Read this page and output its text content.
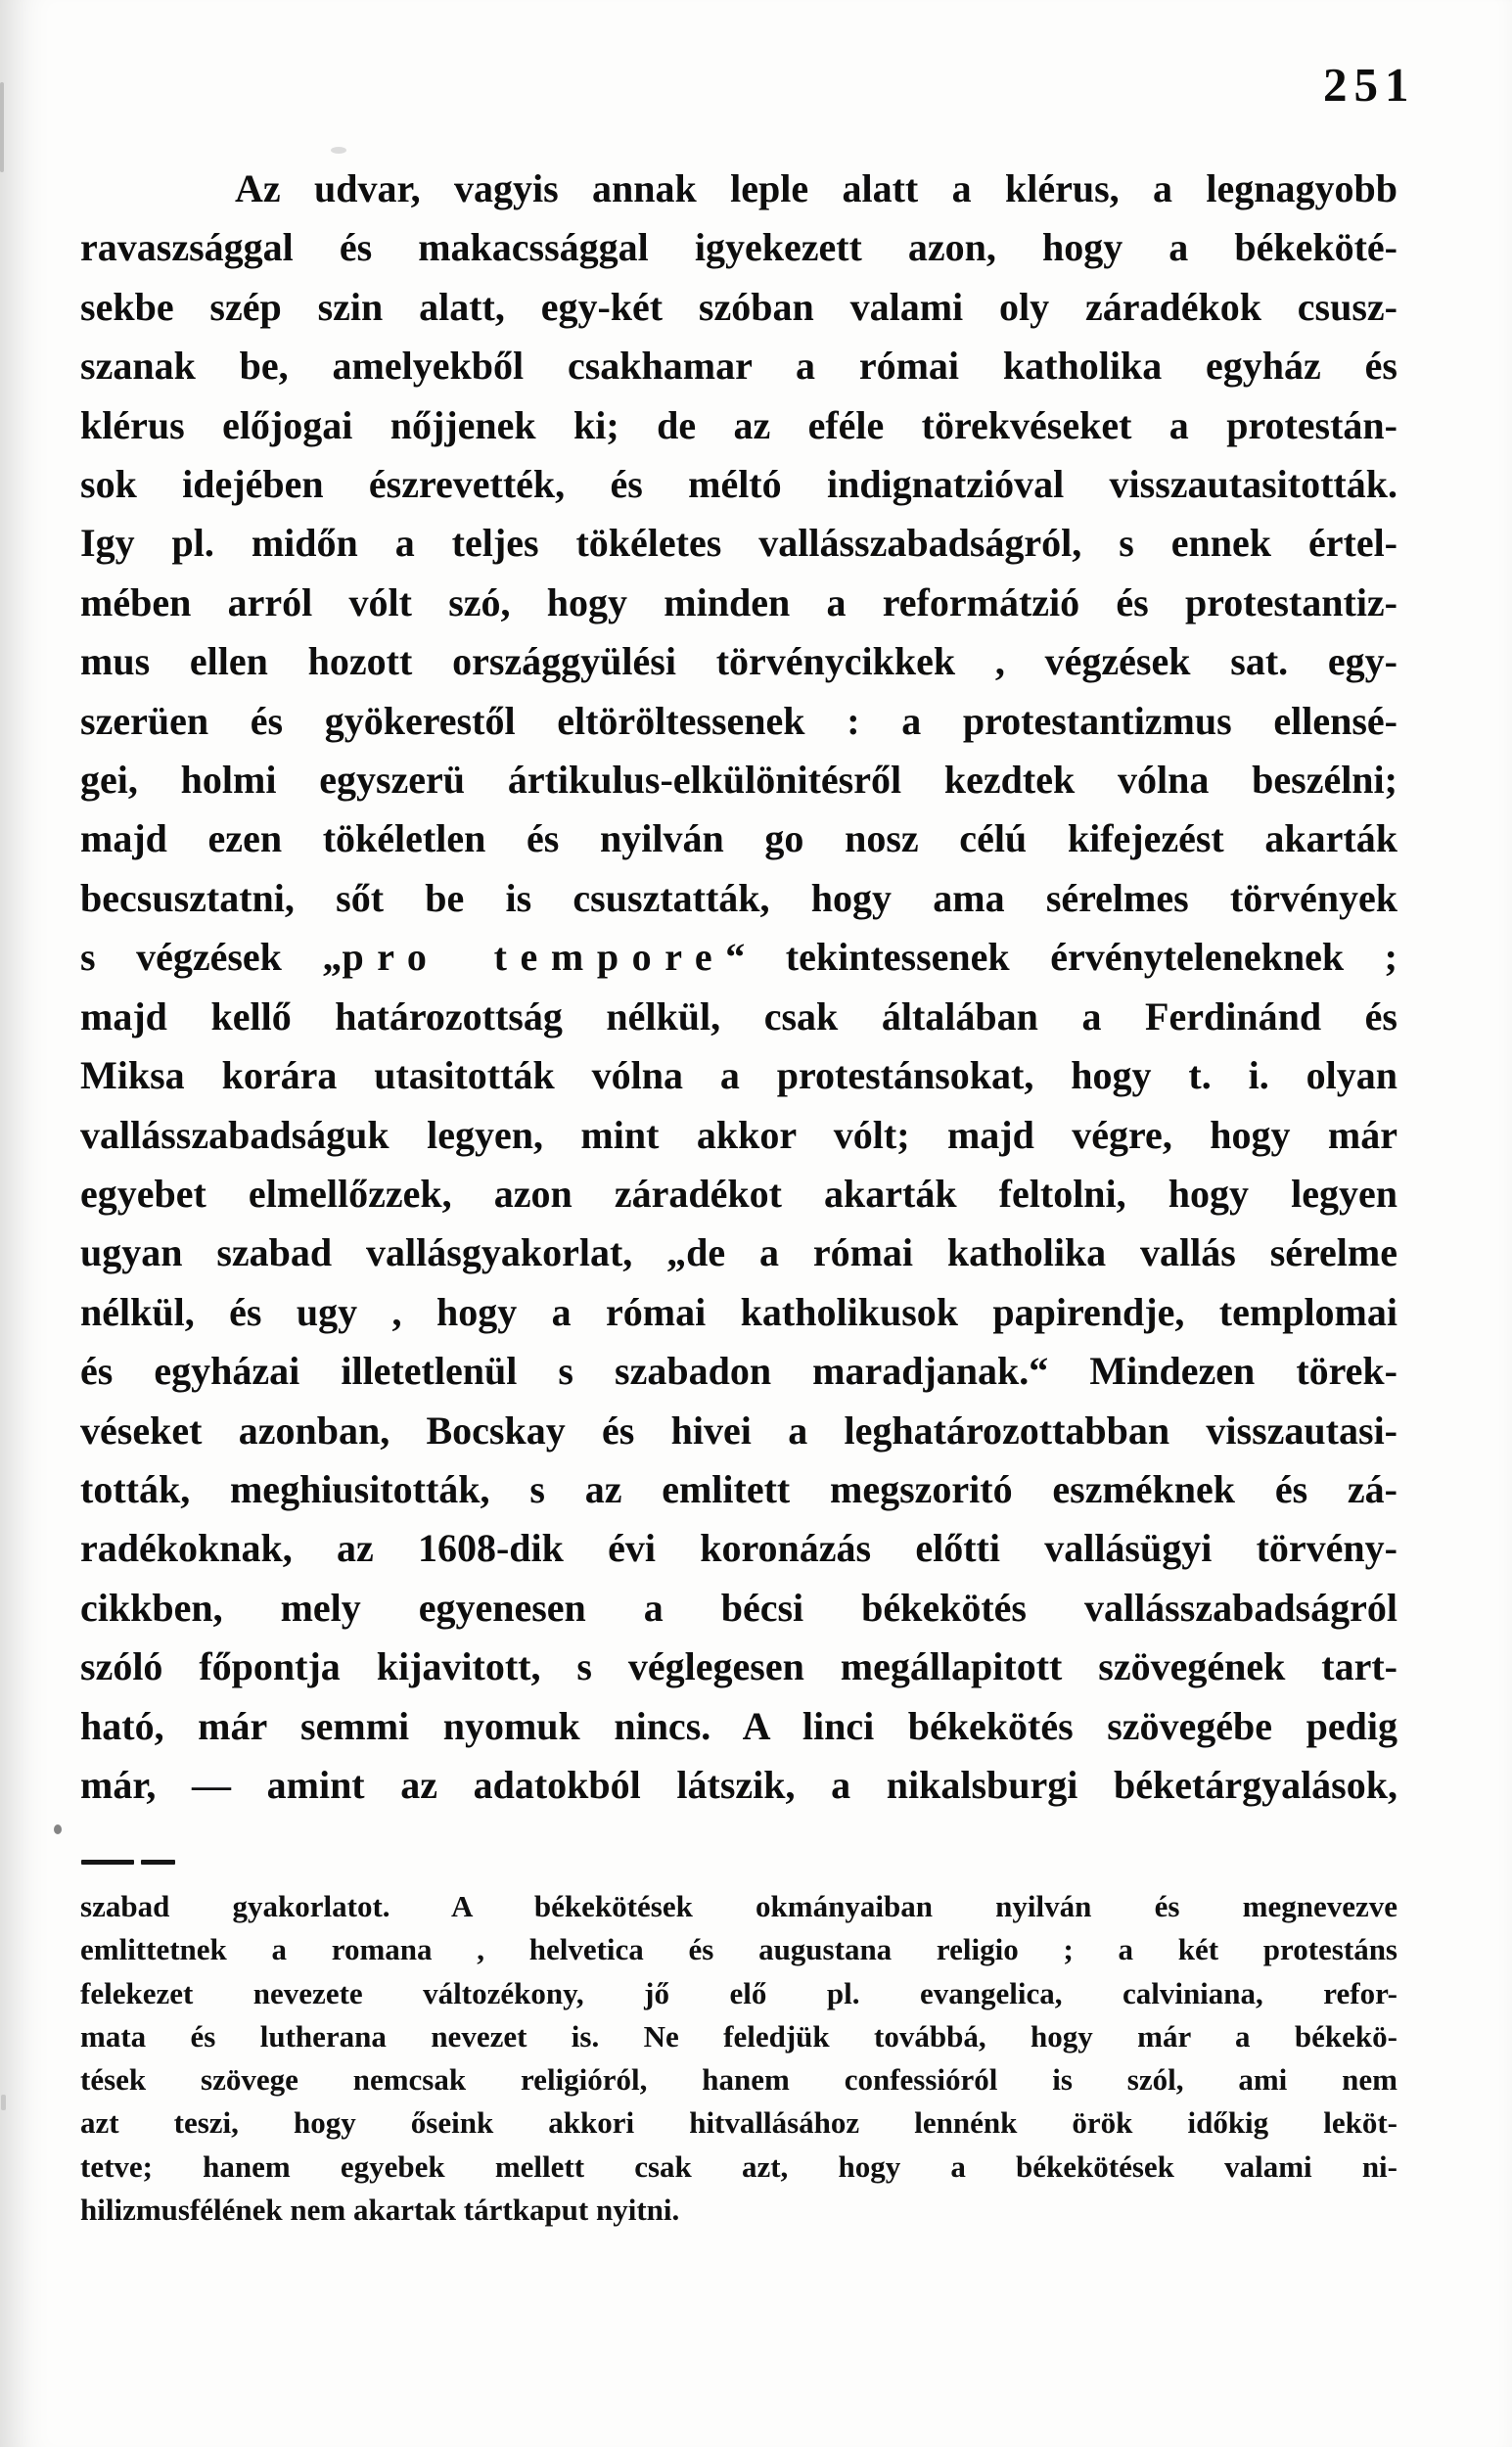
251
Az udvar, vagyis annak leple alatt a klérus, a legnagyobb
ravaszsággal és makacssággal igyekezett azon, hogy a békeköté-
sekbe szép szin alatt, egy-két szóban valami oly záradékok csusz-
szanak be, amelyekből csakhamar a római katholika egyház és
klérus előjogai nőjjenek ki; de az eféle törekvéseket a protestán-
sok idejében észrevették, és méltó indignatzióval visszautasitották.
Igy pl. midőn a teljes tökéletes vallásszabadságról, s ennek értel-
mében arról vólt szó, hogy minden a reformátzió és protestantiz-
mus ellen hozott országgyülési törvénycikkek , végzések sat. egy-
szerüen és gyökerestől eltöröltessenek : a protestantizmus ellensé-
gei, holmi egyszerü ártikulus-elkülönitésről kezdtek vólna beszélni;
majd ezen tökéletlen és nyilván go nosz célú kifejezést akarták
becsusztatni, sőt be is csusztatták, hogy ama sérelmes törvények
s végzések „pro tempore“ tekintessenek érvényteleneknek ;
majd kellő határozottság nélkül, csak általában a Ferdinánd és
Miksa korára utasitották vólna a protestánsokat, hogy t. i. olyan
vallásszabadságuk legyen, mint akkor vólt; majd végre, hogy már
egyebet elmellőzzek, azon záradékot akarták feltolni, hogy legyen
ugyan szabad vallásgyakorlat, „de a római katholika vallás sérelme
nélkül, és ugy , hogy a római katholikusok papirendje, templomai
és egyházai illetetlenül s szabadon maradjanak.“ Mindezen törek-
véseket azonban, Bocskay és hivei a leghatározottabban visszautasi-
tották, meghiusitották, s az emlitett megszoritó eszméknek és zá-
radékoknak, az 1608-dik évi koronázás előtti vallásügyi törvény-
cikkben, mely egyenesen a bécsi békekötés vallásszabadságról
szóló főpontja kijavitott, s véglegesen megállapitott szövegének tart-
ható, már semmi nyomuk nincs. A linci békekötés szövegébe pedig
már, — amint az adatokból látszik, a nikalsburgi béketárgyalások,
szabad gyakorlatot. A békekötések okmányaiban nyilván és megnevezve
emlittetnek a romana , helvetica és augustana religio ; a két protestáns
felekezet nevezete változékony, jő elő pl. evangelica, calviniana, refor-
mata és lutherana nevezet is. Ne feledjük továbbá, hogy már a békekö-
tések szövege nemcsak religióról, hanem confessióról is szól, ami nem
azt teszi, hogy őseink akkori hitvallásához lennénk örök időkig leköt-
tetve; hanem egyebek mellett csak azt, hogy a békekötések valami ni-
hilizmusfélének nem akartak tártkaput nyitni.
